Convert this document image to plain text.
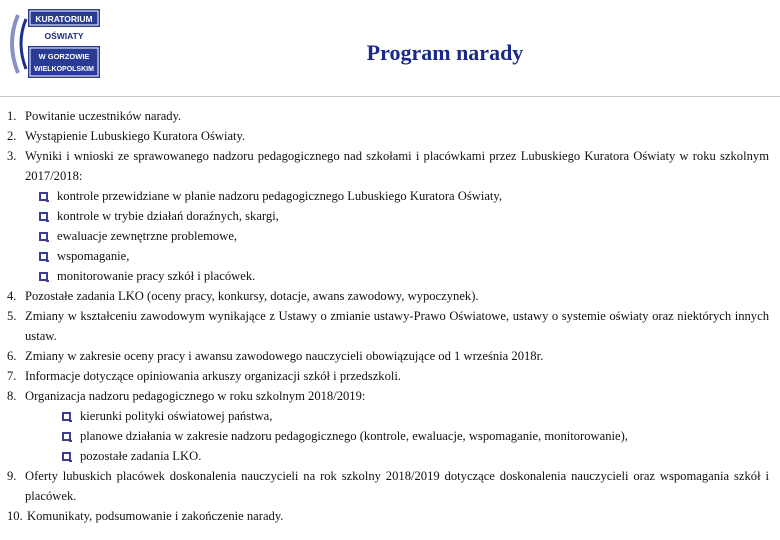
KURATORIUM
OŚWIATY
W GORZOWIE
WIELKOPOLSKIM
Program narady
1. Powitanie uczestników narady.
2. Wystąpienie Lubuskiego Kuratora Oświaty.
3. Wyniki i wnioski ze sprawowanego nadzoru pedagogicznego nad szkołami i placówkami przez Lubuskiego Kuratora Oświaty w roku szkolnym 2017/2018:
kontrole przewidziane w planie nadzoru pedagogicznego Lubuskiego Kuratora Oświaty,
kontrole w trybie działań doraźnych, skargi,
ewaluacje zewnętrzne problemowe,
wspomaganie,
monitorowanie pracy szkół i placówek.
4. Pozostałe zadania LKO (oceny pracy, konkursy, dotacje, awans zawodowy, wypoczynek).
5. Zmiany w kształceniu zawodowym wynikające z Ustawy o zmianie ustawy-Prawo Oświatowe, ustawy o systemie oświaty oraz niektórych innych ustaw.
6. Zmiany w zakresie oceny pracy i awansu zawodowego nauczycieli obowiązujące od 1 września 2018r.
7. Informacje dotyczące opiniowania arkuszy organizacji szkół i przedszkoli.
8. Organizacja nadzoru pedagogicznego w roku szkolnym 2018/2019:
kierunki polityki oświatowej państwa,
planowe działania w zakresie nadzoru pedagogicznego (kontrole, ewaluacje, wspomaganie, monitorowanie),
pozostałe zadania LKO.
9. Oferty lubuskich placówek doskonalenia nauczycieli na rok szkolny 2018/2019 dotyczące doskonalenia nauczycieli oraz wspomagania szkół i placówek.
10. Komunikaty, podsumowanie i zakończenie narady.
